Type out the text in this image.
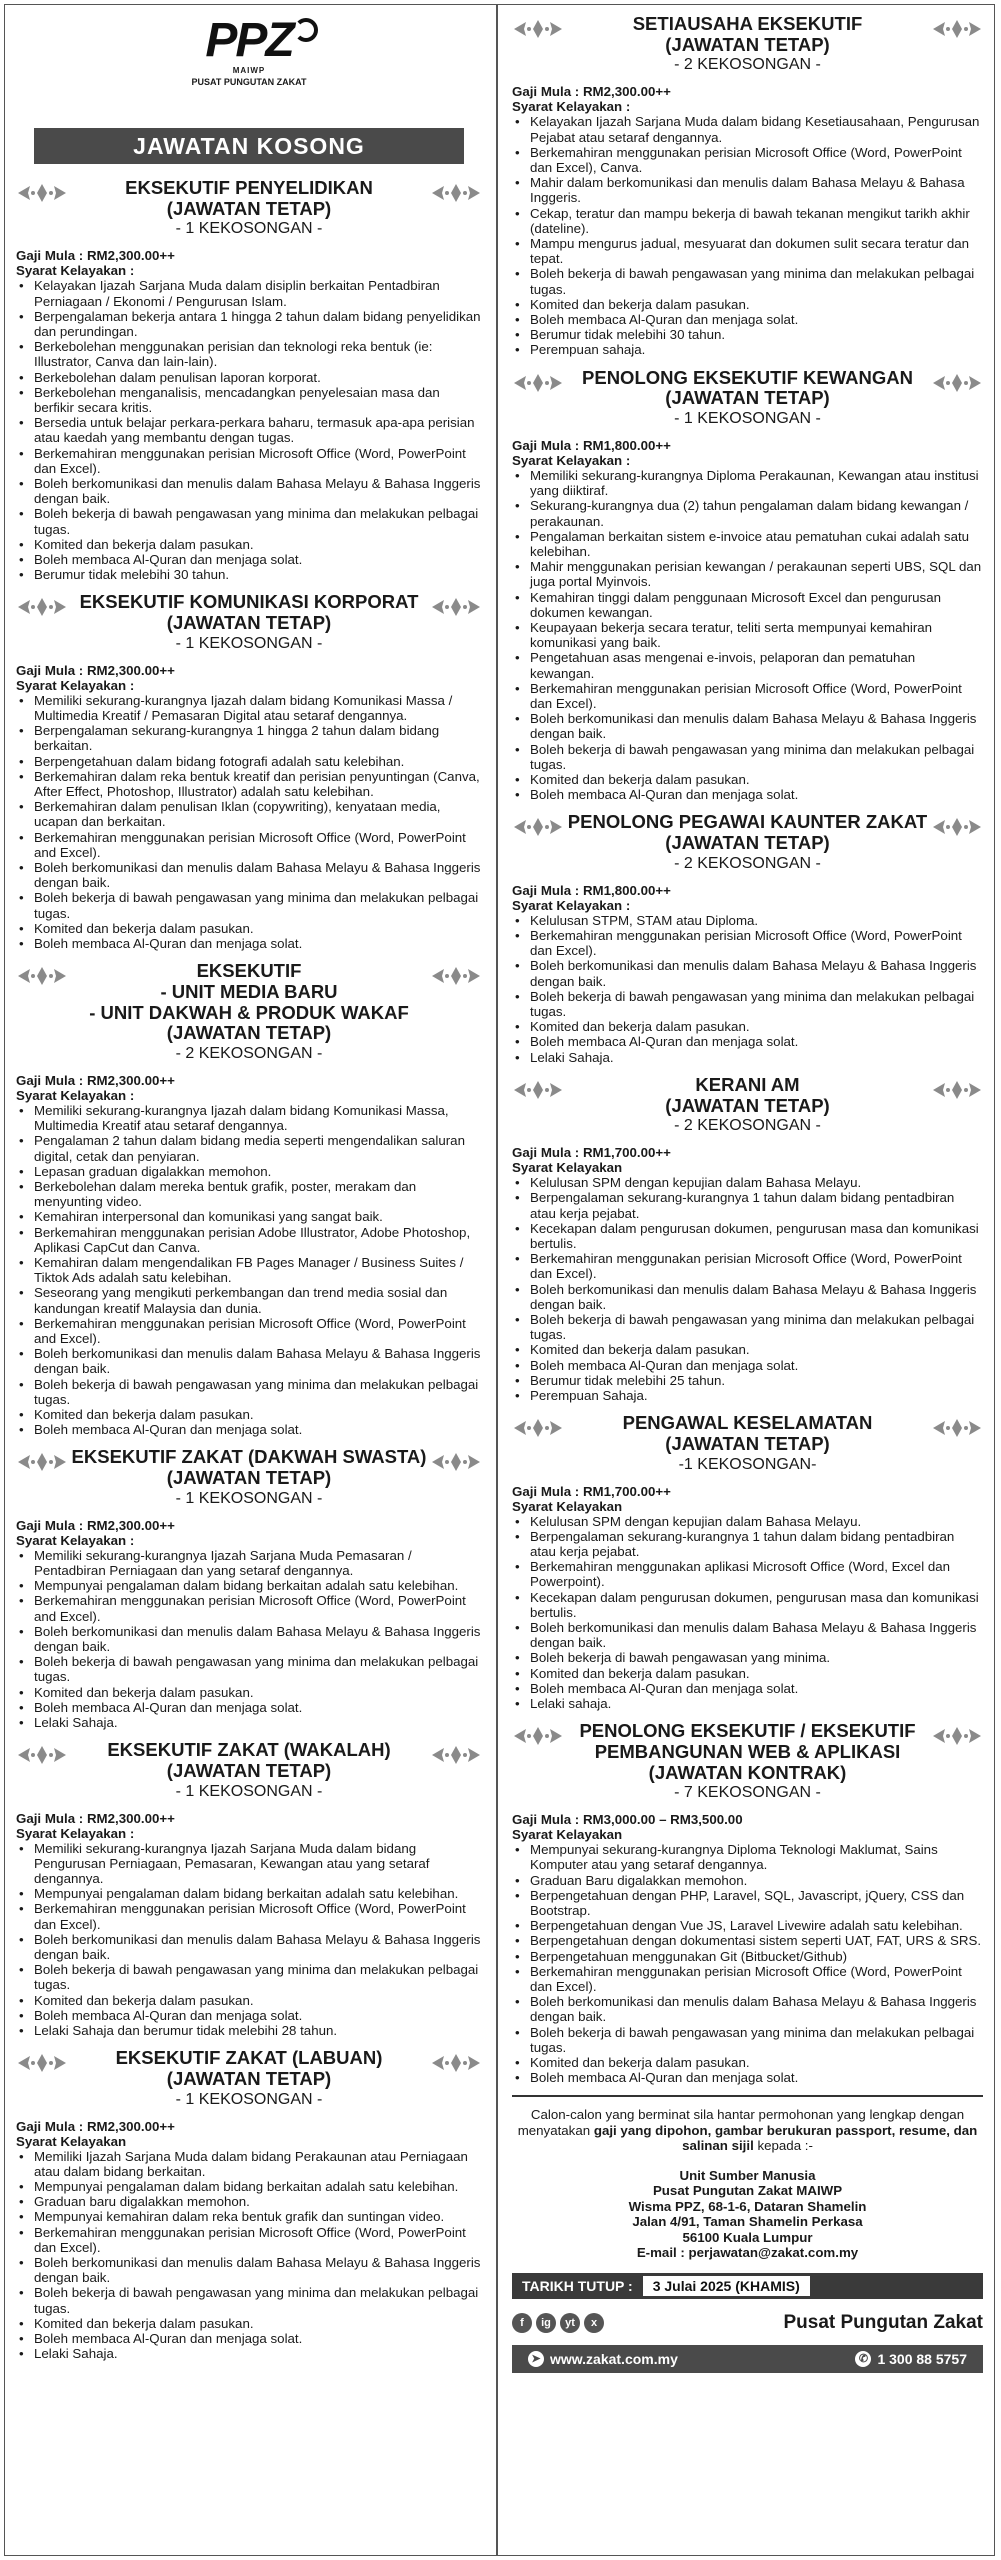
PPZ
MAIWP
PUSAT PUNGUTAN ZAKAT
JAWATAN KOSONG
EKSEKUTIF PENYELIDIKAN
(JAWATAN TETAP)
- 1 KEKOSONGAN -
Gaji Mula : RM2,300.00++
Syarat Kelayakan :
• Kelayakan Ijazah Sarjana Muda dalam disiplin berkaitan Pentadbiran Perniagaan / Ekonomi / Pengurusan Islam.
• Berpengalaman bekerja antara 1 hingga 2 tahun dalam bidang penyelidikan dan perundingan.
• Berkebolehan menggunakan perisian dan teknologi reka bentuk (ie: Illustrator, Canva dan lain-lain).
• Berkebolehan dalam penulisan laporan korporat.
• Berkebolehan menganalisis, mencadangkan penyelesaian masa dan berfikir secara kritis.
• Bersedia untuk belajar perkara-perkara baharu, termasuk apa-apa perisian atau kaedah yang membantu dengan tugas.
• Berkemahiran menggunakan perisian Microsoft Office (Word, PowerPoint dan Excel).
• Boleh berkomunikasi dan menulis dalam Bahasa Melayu & Bahasa Inggeris dengan baik.
• Boleh bekerja di bawah pengawasan yang minima dan melakukan pelbagai tugas.
• Komited dan bekerja dalam pasukan.
• Boleh membaca Al-Quran dan menjaga solat.
• Berumur tidak melebihi 30 tahun.
EKSEKUTIF KOMUNIKASI KORPORAT
(JAWATAN TETAP)
- 1 KEKOSONGAN -
Gaji Mula : RM2,300.00++
Syarat Kelayakan :
• Memiliki sekurang-kurangnya Ijazah dalam bidang Komunikasi Massa / Multimedia Kreatif / Pemasaran Digital atau setaraf dengannya.
• Berpengalaman sekurang-kurangnya 1 hingga 2 tahun dalam bidang berkaitan.
• Berpengetahuan dalam bidang fotografi adalah satu kelebihan.
• Berkemahiran dalam reka bentuk kreatif dan perisian penyuntingan (Canva, After Effect, Photoshop, Illustrator) adalah satu kelebihan.
• Berkemahiran dalam penulisan Iklan (copywriting), kenyataan media, ucapan dan berkaitan.
• Berkemahiran menggunakan perisian Microsoft Office (Word, PowerPoint and Excel).
• Boleh berkomunikasi dan menulis dalam Bahasa Melayu & Bahasa Inggeris dengan baik.
• Boleh bekerja di bawah pengawasan yang minima dan melakukan pelbagai tugas.
• Komited dan bekerja dalam pasukan.
• Boleh membaca Al-Quran dan menjaga solat.
EKSEKUTIF
- UNIT MEDIA BARU
- UNIT DAKWAH & PRODUK WAKAF
(JAWATAN TETAP)
- 2 KEKOSONGAN -
Gaji Mula : RM2,300.00++
Syarat Kelayakan :
• Memiliki sekurang-kurangnya Ijazah dalam bidang Komunikasi Massa, Multimedia Kreatif atau setaraf dengannya.
• Pengalaman 2 tahun dalam bidang media seperti mengendalikan saluran digital, cetak dan penyiaran.
• Lepasan graduan digalakkan memohon.
• Berkebolehan dalam mereka bentuk grafik, poster, merakam dan menyunting video.
• Kemahiran interpersonal dan komunikasi yang sangat baik.
• Berkemahiran menggunakan perisian Adobe Illustrator, Adobe Photoshop, Aplikasi CapCut dan Canva.
• Kemahiran dalam mengendalikan FB Pages Manager / Business Suites / Tiktok Ads adalah satu kelebihan.
• Seseorang yang mengikuti perkembangan dan trend media sosial dan kandungan kreatif Malaysia dan dunia.
• Berkemahiran menggunakan perisian Microsoft Office (Word, PowerPoint and Excel).
• Boleh berkomunikasi dan menulis dalam Bahasa Melayu & Bahasa Inggeris dengan baik.
• Boleh bekerja di bawah pengawasan yang minima dan melakukan pelbagai tugas.
• Komited dan bekerja dalam pasukan.
• Boleh membaca Al-Quran dan menjaga solat.
EKSEKUTIF ZAKAT (DAKWAH SWASTA)
(JAWATAN TETAP)
- 1 KEKOSONGAN -
Gaji Mula : RM2,300.00++
Syarat Kelayakan :
• Memiliki sekurang-kurangnya Ijazah Sarjana Muda Pemasaran / Pentadbiran Perniagaan dan yang setaraf dengannya.
• Mempunyai pengalaman dalam bidang berkaitan adalah satu kelebihan.
• Berkemahiran menggunakan perisian Microsoft Office (Word, PowerPoint and Excel).
• Boleh berkomunikasi dan menulis dalam Bahasa Melayu & Bahasa Inggeris dengan baik.
• Boleh bekerja di bawah pengawasan yang minima dan melakukan pelbagai tugas.
• Komited dan bekerja dalam pasukan.
• Boleh membaca Al-Quran dan menjaga solat.
• Lelaki Sahaja.
EKSEKUTIF ZAKAT (WAKALAH)
(JAWATAN TETAP)
- 1 KEKOSONGAN -
Gaji Mula : RM2,300.00++
Syarat Kelayakan :
• Memiliki sekurang-kurangnya Ijazah Sarjana Muda dalam bidang Pengurusan Perniagaan, Pemasaran, Kewangan atau yang setaraf dengannya.
• Mempunyai pengalaman dalam bidang berkaitan adalah satu kelebihan.
• Berkemahiran menggunakan perisian Microsoft Office (Word, PowerPoint dan Excel).
• Boleh berkomunikasi dan menulis dalam Bahasa Melayu & Bahasa Inggeris dengan baik.
• Boleh bekerja di bawah pengawasan yang minima dan melakukan pelbagai tugas.
• Komited dan bekerja dalam pasukan.
• Boleh membaca Al-Quran dan menjaga solat.
• Lelaki Sahaja dan berumur tidak melebihi 28 tahun.
EKSEKUTIF ZAKAT (LABUAN)
(JAWATAN TETAP)
- 1 KEKOSONGAN -
Gaji Mula : RM2,300.00++
Syarat Kelayakan
• Memiliki Ijazah Sarjana Muda dalam bidang Perakaunan atau Perniagaan atau dalam bidang berkaitan.
• Mempunyai pengalaman dalam bidang berkaitan adalah satu kelebihan.
• Graduan baru digalakkan memohon.
• Mempunyai kemahiran dalam reka bentuk grafik dan suntingan video.
• Berkemahiran menggunakan perisian Microsoft Office (Word, PowerPoint dan Excel).
• Boleh berkomunikasi dan menulis dalam Bahasa Melayu & Bahasa Inggeris dengan baik.
• Boleh bekerja di bawah pengawasan yang minima dan melakukan pelbagai tugas.
• Komited dan bekerja dalam pasukan.
• Boleh membaca Al-Quran dan menjaga solat.
• Lelaki Sahaja.
SETIAUSAHA EKSEKUTIF
(JAWATAN TETAP)
- 2 KEKOSONGAN -
Gaji Mula : RM2,300.00++
Syarat Kelayakan :
• Kelayakan Ijazah Sarjana Muda dalam bidang Kesetiausahaan, Pengurusan Pejabat atau setaraf dengannya.
• Berkemahiran menggunakan perisian Microsoft Office (Word, PowerPoint dan Excel), Canva.
• Mahir dalam berkomunikasi dan menulis dalam Bahasa Melayu & Bahasa Inggeris.
• Cekap, teratur dan mampu bekerja di bawah tekanan mengikut tarikh akhir (dateline).
• Mampu mengurus jadual, mesyuarat dan dokumen sulit secara teratur dan tepat.
• Boleh bekerja di bawah pengawasan yang minima dan melakukan pelbagai tugas.
• Komited dan bekerja dalam pasukan.
• Boleh membaca Al-Quran dan menjaga solat.
• Berumur tidak melebihi 30 tahun.
• Perempuan sahaja.
PENOLONG EKSEKUTIF KEWANGAN
(JAWATAN TETAP)
- 1 KEKOSONGAN -
Gaji Mula : RM1,800.00++
Syarat Kelayakan :
• Memiliki sekurang-kurangnya Diploma Perakaunan, Kewangan atau institusi yang diiktiraf.
• Sekurang-kurangnya dua (2) tahun pengalaman dalam bidang kewangan / perakaunan.
• Pengalaman berkaitan sistem e-invoice atau pematuhan cukai adalah satu kelebihan.
• Mahir menggunakan perisian kewangan / perakaunan seperti UBS, SQL dan juga portal Myinvois.
• Kemahiran tinggi dalam penggunaan Microsoft Excel dan pengurusan dokumen kewangan.
• Keupayaan bekerja secara teratur, teliti serta mempunyai kemahiran komunikasi yang baik.
• Pengetahuan asas mengenai e-invois, pelaporan dan pematuhan kewangan.
• Berkemahiran menggunakan perisian Microsoft Office (Word, PowerPoint dan Excel).
• Boleh berkomunikasi dan menulis dalam Bahasa Melayu & Bahasa Inggeris dengan baik.
• Boleh bekerja di bawah pengawasan yang minima dan melakukan pelbagai tugas.
• Komited dan bekerja dalam pasukan.
• Boleh membaca Al-Quran dan menjaga solat.
PENOLONG PEGAWAI KAUNTER ZAKAT
(JAWATAN TETAP)
- 2 KEKOSONGAN -
Gaji Mula : RM1,800.00++
Syarat Kelayakan :
• Kelulusan STPM, STAM atau Diploma.
• Berkemahiran menggunakan perisian Microsoft Office (Word, PowerPoint dan Excel).
• Boleh berkomunikasi dan menulis dalam Bahasa Melayu & Bahasa Inggeris dengan baik.
• Boleh bekerja di bawah pengawasan yang minima dan melakukan pelbagai tugas.
• Komited dan bekerja dalam pasukan.
• Boleh membaca Al-Quran dan menjaga solat.
• Lelaki Sahaja.
KERANI AM
(JAWATAN TETAP)
- 2 KEKOSONGAN -
Gaji Mula : RM1,700.00++
Syarat Kelayakan
• Kelulusan SPM dengan kepujian dalam Bahasa Melayu.
• Berpengalaman sekurang-kurangnya 1 tahun dalam bidang pentadbiran atau kerja pejabat.
• Kecekapan dalam pengurusan dokumen, pengurusan masa dan komunikasi bertulis.
• Berkemahiran menggunakan perisian Microsoft Office (Word, PowerPoint dan Excel).
• Boleh berkomunikasi dan menulis dalam Bahasa Melayu & Bahasa Inggeris dengan baik.
• Boleh bekerja di bawah pengawasan yang minima dan melakukan pelbagai tugas.
• Komited dan bekerja dalam pasukan.
• Boleh membaca Al-Quran dan menjaga solat.
• Berumur tidak melebihi 25 tahun.
• Perempuan Sahaja.
PENGAWAL KESELAMATAN
(JAWATAN TETAP)
-1 KEKOSONGAN-
Gaji Mula : RM1,700.00++
Syarat Kelayakan
• Kelulusan SPM dengan kepujian dalam Bahasa Melayu.
• Berpengalaman sekurang-kurangnya 1 tahun dalam bidang pentadbiran atau kerja pejabat.
• Berkemahiran menggunakan aplikasi Microsoft Office (Word, Excel dan Powerpoint).
• Kecekapan dalam pengurusan dokumen, pengurusan masa dan komunikasi bertulis.
• Boleh berkomunikasi dan menulis dalam Bahasa Melayu & Bahasa Inggeris dengan baik.
• Boleh bekerja di bawah pengawasan yang minima.
• Komited dan bekerja dalam pasukan.
• Boleh membaca Al-Quran dan menjaga solat.
• Lelaki sahaja.
PENOLONG EKSEKUTIF / EKSEKUTIF
PEMBANGUNAN WEB & APLIKASI
(JAWATAN KONTRAK)
- 7 KEKOSONGAN -
Gaji Mula : RM3,000.00 – RM3,500.00
Syarat Kelayakan
• Mempunyai sekurang-kurangnya Diploma Teknologi Maklumat, Sains Komputer atau yang setaraf dengannya.
• Graduan Baru digalakkan memohon.
• Berpengetahuan dengan PHP, Laravel, SQL, Javascript, jQuery, CSS dan Bootstrap.
• Berpengetahuan dengan Vue JS, Laravel Livewire adalah satu kelebihan.
• Berpengetahuan dengan dokumentasi sistem seperti UAT, FAT, URS & SRS.
• Berpengetahuan menggunakan Git (Bitbucket/Github)
• Berkemahiran menggunakan perisian Microsoft Office (Word, PowerPoint dan Excel).
• Boleh berkomunikasi dan menulis dalam Bahasa Melayu & Bahasa Inggeris dengan baik.
• Boleh bekerja di bawah pengawasan yang minima dan melakukan pelbagai tugas.
• Komited dan bekerja dalam pasukan.
• Boleh membaca Al-Quran dan menjaga solat.
Calon-calon yang berminat sila hantar permohonan yang lengkap dengan menyatakan gaji yang dipohon, gambar berukuran passport, resume, dan salinan sijil kepada :-
Unit Sumber Manusia
Pusat Pungutan Zakat MAIWP
Wisma PPZ, 68-1-6, Dataran Shamelin
Jalan 4/91, Taman Shamelin Perkasa
56100 Kuala Lumpur
E-mail : perjawatan@zakat.com.my
TARIKH TUTUP : 3 Julai 2025 (KHAMIS)
f	ig	yt	x	Pusat Pungutan Zakat
➤ www.zakat.com.my	✆ 1 300 88 5757
